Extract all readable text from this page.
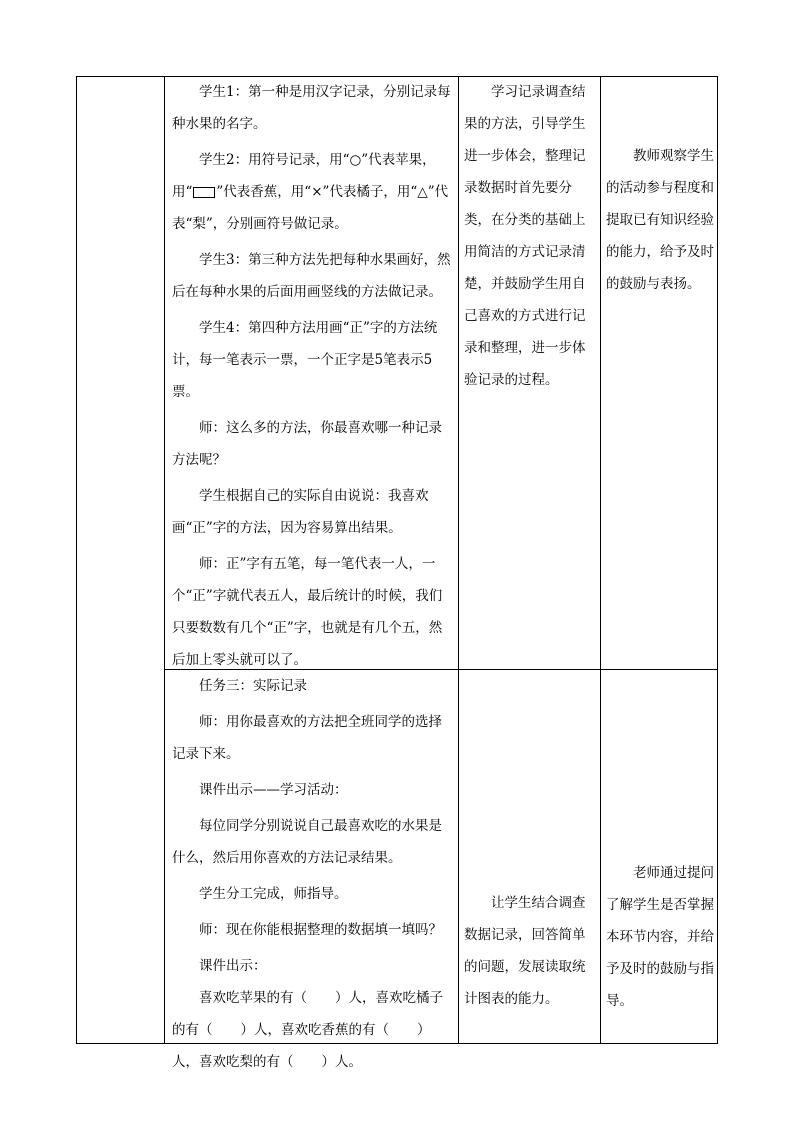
学生1：第一种是用汉字记录，分别记录每种水果的名字。

学生2：用符号记录，用“○”代表苹果，用“ ”代表香蕉，用“×”代表橘子，用“△”代表“梨”，分别画符号做记录。

学生3：第三种方法先把每种水果画好，然后在每种水果的后面用画竖线的方法做记录。

学生4：第四种方法用画“正”字的方法统计，每一笔表示一票，一个正字是5笔表示5票。

师：这么多的方法，你最喜欢哪一种记录方法呢？

学生根据自己的实际自由说说：我喜欢画“正”字的方法，因为容易算出结果。

师：正”字有五笔，每一笔代表一人，一个“正”字就代表五人，最后统计的时候，我们只要数数有几个“正”字，也就是有几个五，然后加上零头就可以了。

学习记录调查结果的方法，引导学生进一步体会，整理记录数据时首先要分类，在分类的基础上用简洁的方式记录清楚，并鼓励学生用自己喜欢的方式进行记录和整理，进一步体验记录的过程。

教师观察学生的活动参与程度和提取已有知识经验的能力，给予及时的鼓励与表扬。

任务三：实际记录

师：用你最喜欢的方法把全班同学的选择记录下来。

课件出示——学习活动：

每位同学分别说说自己最喜欢吃的水果是什么，然后用你喜欢的方法记录结果。

学生分工完成，师指导。

师：现在你能根据整理的数据填一填吗？

课件出示：

喜欢吃苹果的有（ ）人，喜欢吃橘子的有（ ）人，喜欢吃香蕉的有（ ）人，喜欢吃梨的有（ ）人。

让学生结合调查数据记录，回答简单的问题，发展读取统计图表的能力。

老师通过提问了解学生是否掌握本环节内容，并给予及时的鼓励与指导。
